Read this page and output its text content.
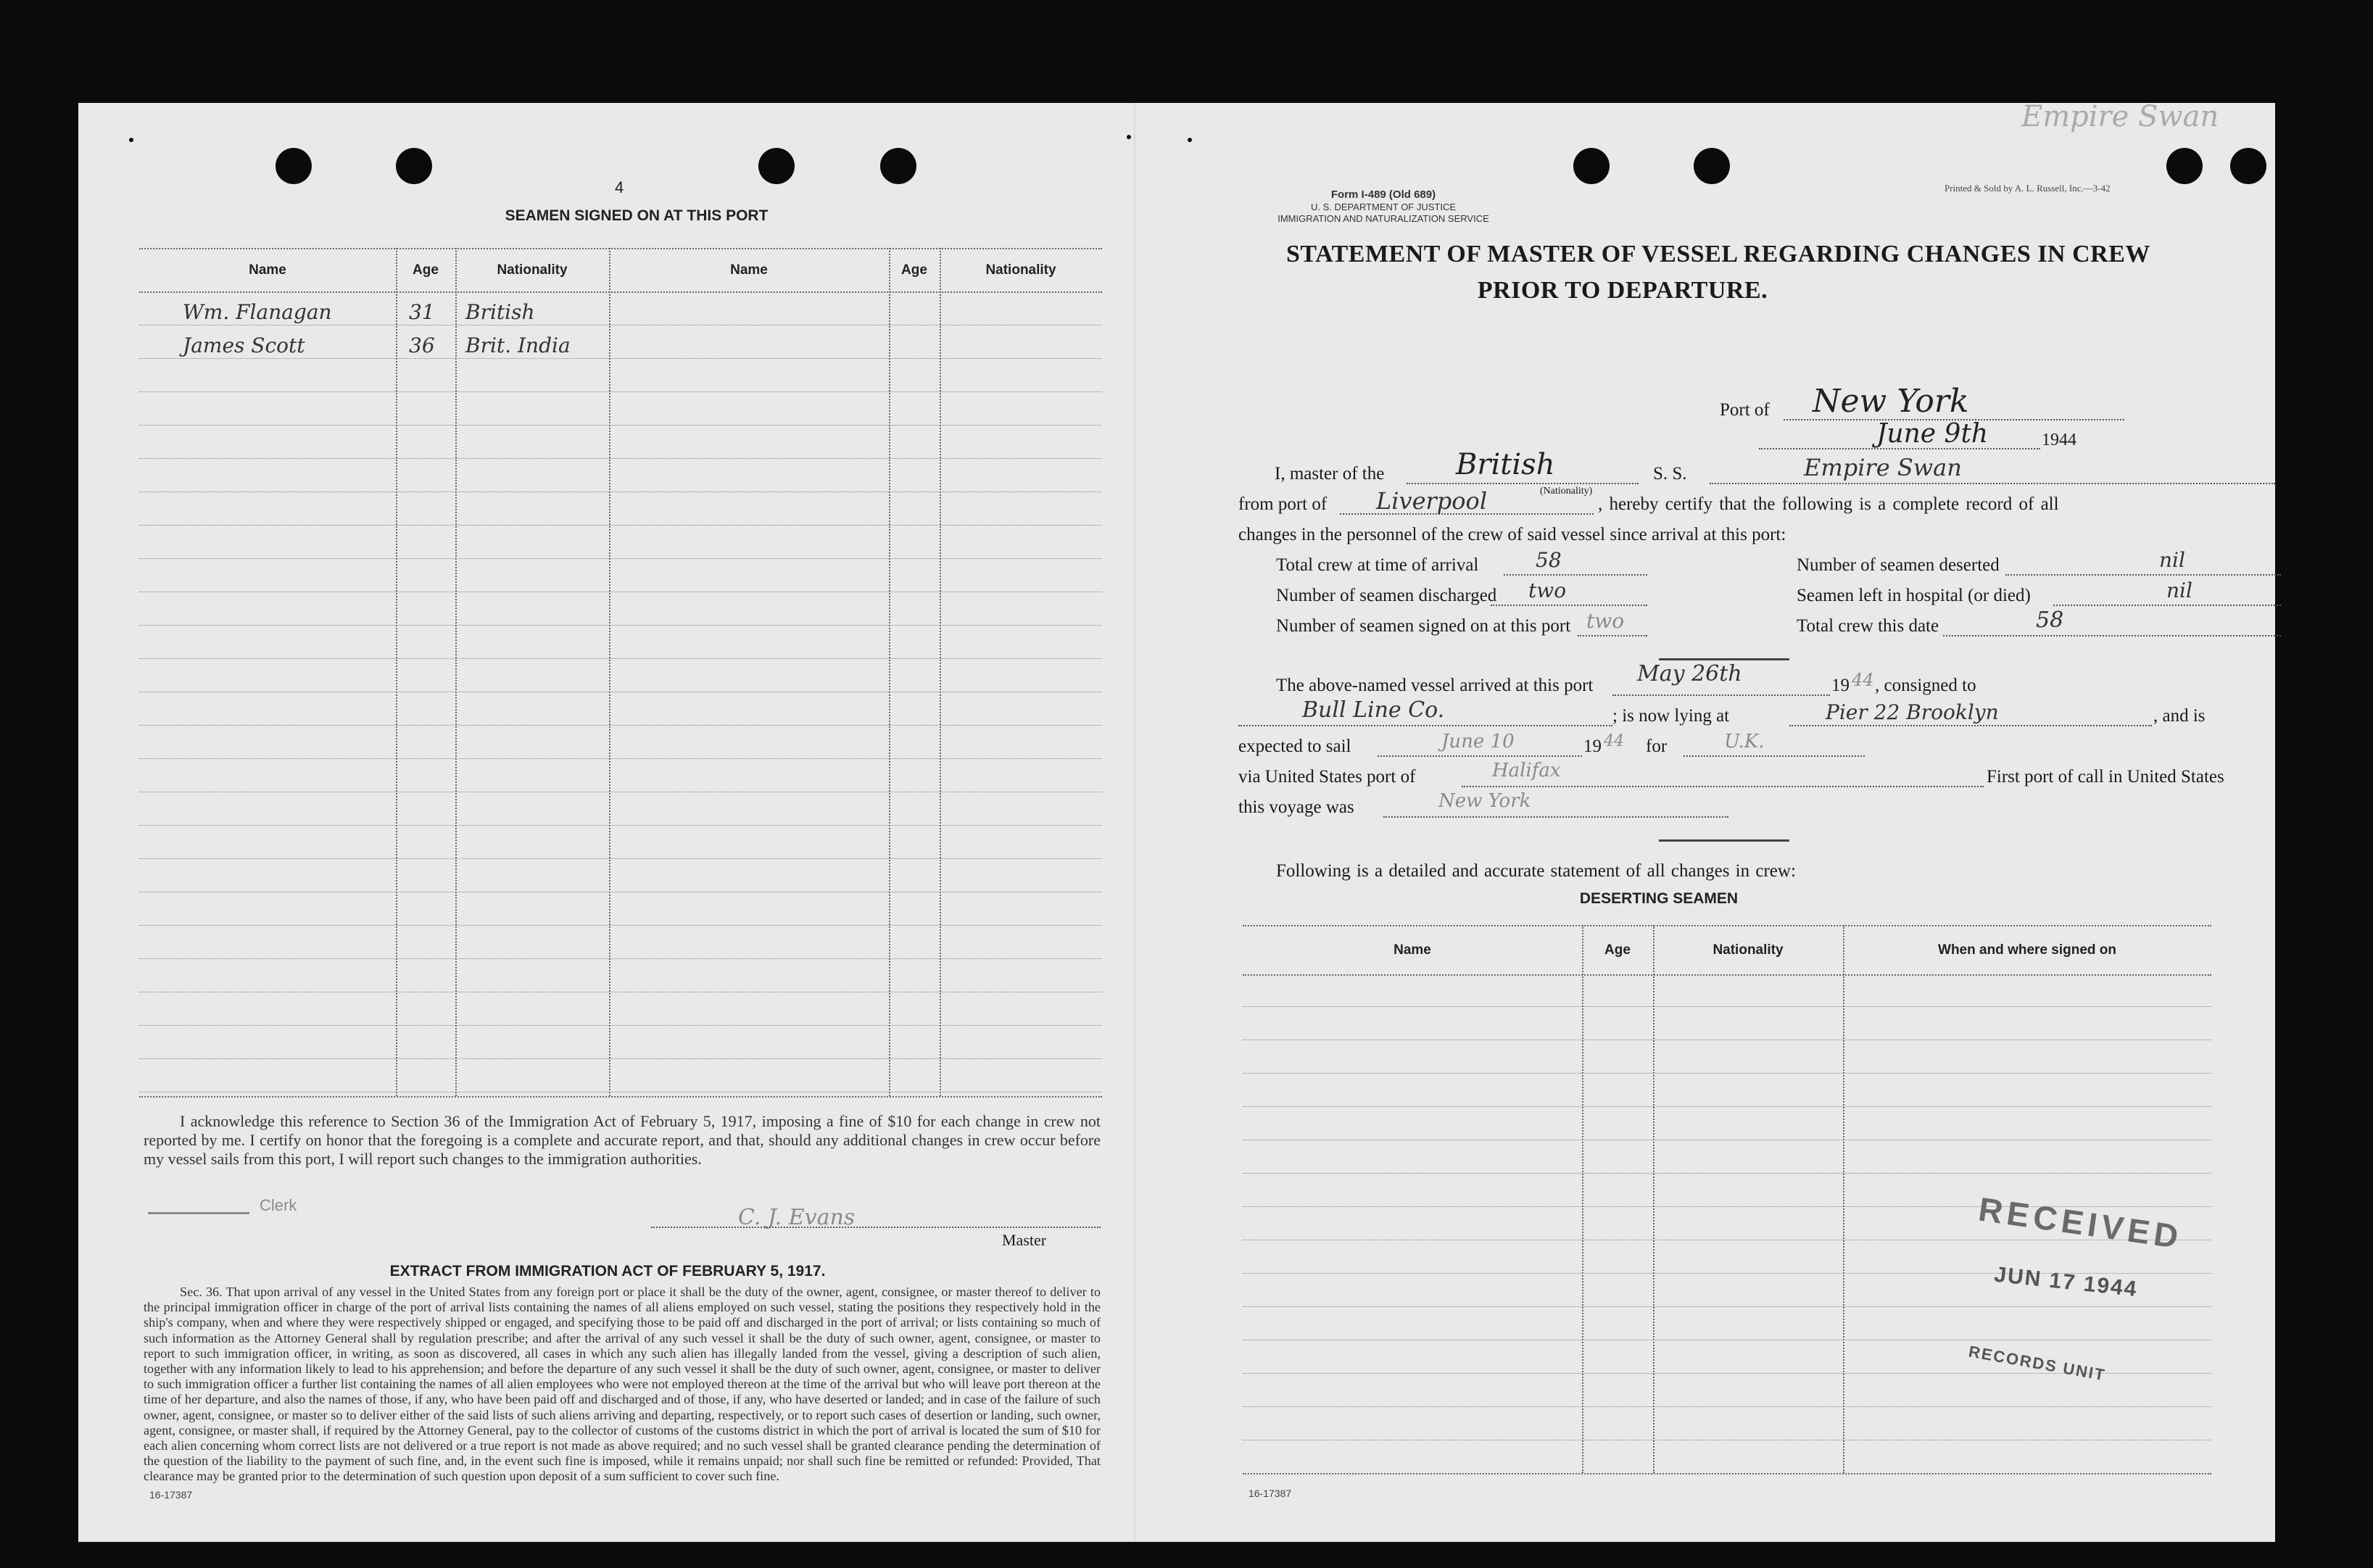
4
SEAMEN SIGNED ON AT THIS PORT
Name	Age	Nationality	Name	Age	Nationality
Wm. Flanagan	31 British
James Scott	36 Brit. India

I acknowledge this reference to Section 36 of the Immigration Act of February 5, 1917, imposing a fine of $10 for each change in crew not reported by me. I certify on honor that the foregoing is a complete and accurate report, and that, should any additional changes in crew occur before my vessel sails from this port, I will report such changes to the immigration authorities.

Clerk	C. J. Evans
Master
EXTRACT FROM IMMIGRATION ACT OF FEBRUARY 5, 1917.

Sec. 36. That upon arrival of any vessel in the United States from any foreign port or place it shall be the duty of the owner, agent, consignee, or master thereof to deliver to the principal immigration officer in charge of the port of arrival lists containing the names of all aliens employed on such vessel, stating the positions they respectively hold in the ship's company, when and where they were respectively shipped or engaged, and specifying those to be paid off and discharged in the port of arrival; or lists containing so much of such information as the Attorney General shall by regulation prescribe; and after the arrival of any such vessel it shall be the duty of such owner, agent, consignee, or master to report to such immigration officer, in writing, as soon as discovered, all cases in which any such alien has illegally landed from the vessel, giving a description of such alien, together with any information likely to lead to his apprehension; and before the departure of any such vessel it shall be the duty of such owner, agent, consignee, or master to deliver to such immigration officer a further list containing the names of all alien employees who were not employed thereon at the time of the arrival but who will leave port thereon at the time of her departure, and also the names of those, if any, who have been paid off and discharged and of those, if any, who have deserted or landed; and in case of the failure of such owner, agent, consignee, or master so to deliver either of the said lists of such aliens arriving and departing, respectively, or to report such cases of desertion or landing, such owner, agent, consignee, or master shall, if required by the Attorney General, pay to the collector of customs of the customs district in which the port of arrival is located the sum of $10 for each alien concerning whom correct lists are not delivered or a true report is not made as above required; and no such vessel shall be granted clearance pending the determination of the question of the liability to the payment of such fine, and, in the event such fine is imposed, while it remains unpaid; nor shall such fine be remitted or refunded: Provided, That clearance may be granted prior to the determination of such question upon deposit of a sum sufficient to cover such fine.

16-17387
Form I-489 (Old 689)
U. S. DEPARTMENT OF JUSTICE
IMMIGRATION AND NATURALIZATION SERVICE
Printed & Sold by A. L. Russell, Inc.—3-42
Empire Swan
STATEMENT OF MASTER OF VESSEL REGARDING CHANGES IN CREW
PRIOR TO DEPARTURE.
Port of New York
June 9th	1944
I, master of the British
(Nationality)
S. S.	Empire Swan
from port of Liverpool	, hereby certify that the following is a complete record of all
changes in the personnel of the crew of said vessel since arrival at this port:
Total crew at time of arrival	58
Number of seamen discharged two
Number of seamen signed on at this port two
Number of seamen deserted	nil
Seamen left in hospital (or died)	nil
Total crew this date	58
The above-named vessel arrived at this port May 26th	19 44 , consigned to
Bull Line Co.	; is now lying at	Pier 22 Brooklyn	, and is
expected to sail	June 10	19 44 for	U.K.
via United States port of	Halifax	First port of call in United States
this voyage was	New York
Following is a detailed and accurate statement of all changes in crew:
DESERTING SEAMEN
Name	Age	Nationality	When and where signed on
RECEIVED
JUN 17 1944
RECORDS UNIT
16-17387
